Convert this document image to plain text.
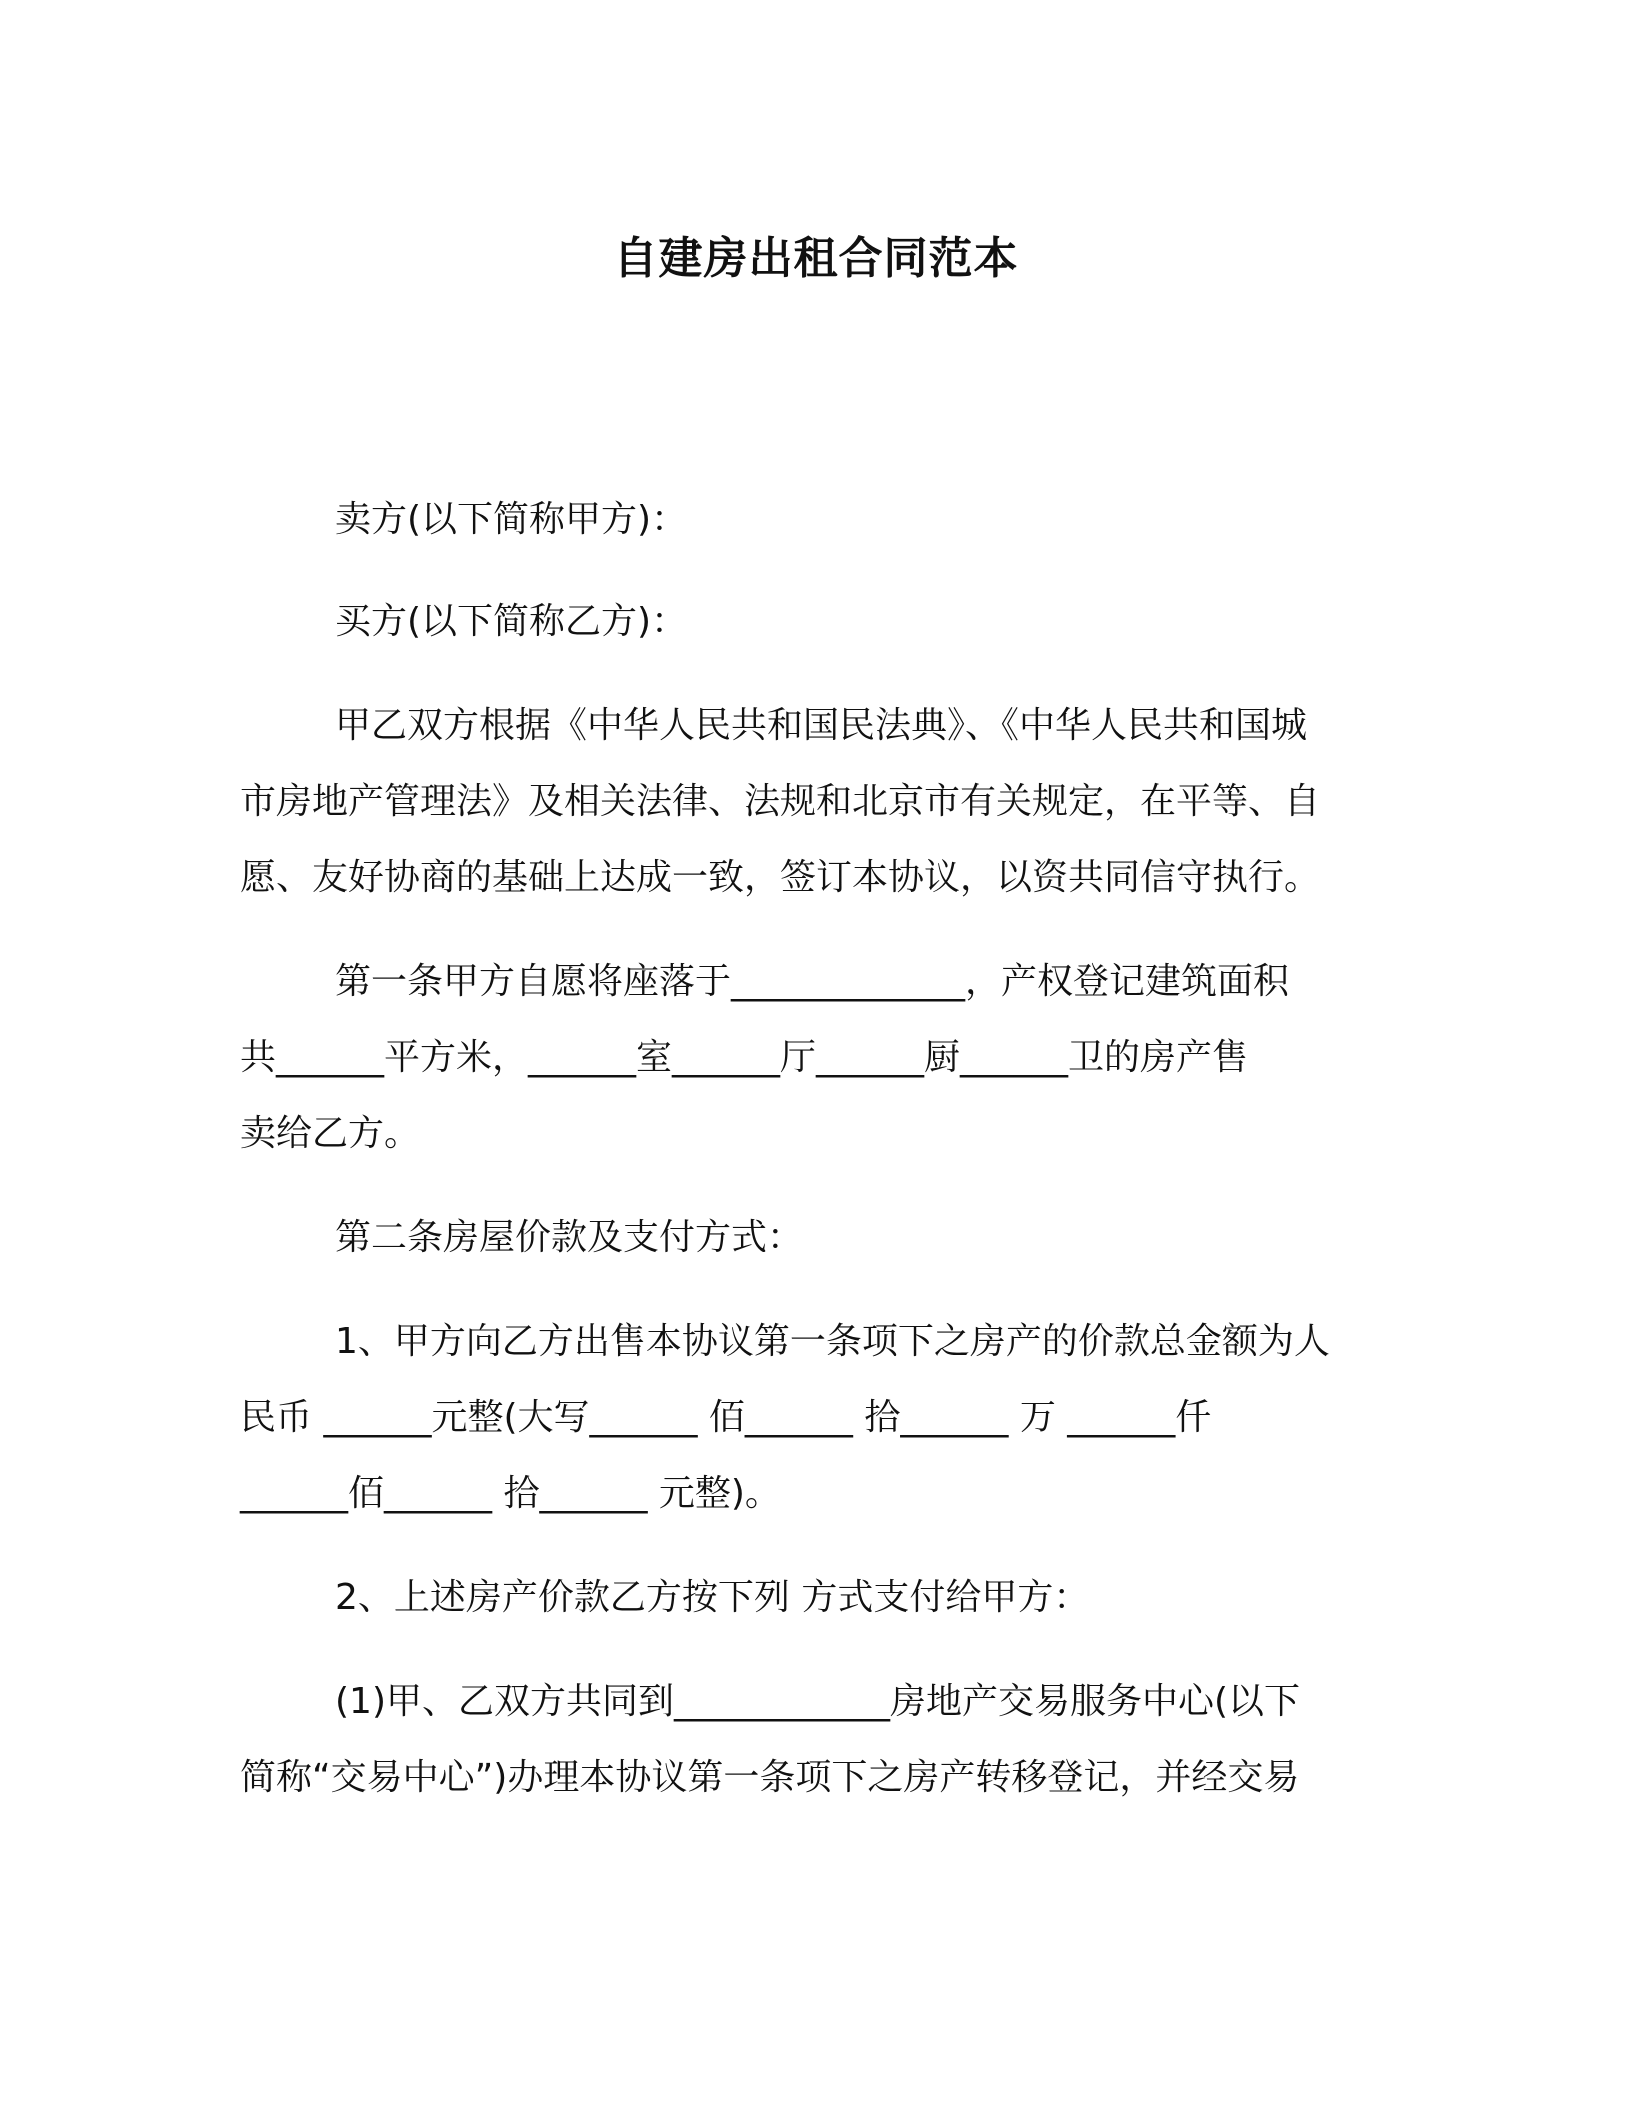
自建房出租合同范本

卖方(以下简称甲方)：

买方(以下简称乙方)：

甲乙双方根据《中华人民共和国民法典》、《中华人民共和国城

市房地产管理法》及相关法律、法规和北京市有关规定，在平等、自

愿、友好协商的基础上达成一致，签订本协议，以资共同信守执行。

第一条甲方自愿将座落于_____________，产权登记建筑面积

共______平方米，______室______厅______厨______卫的房产售

卖给乙方。

第二条房屋价款及支付方式：

1、甲方向乙方出售本协议第一条项下之房产的价款总金额为人

民币 ______元整(大写______ 佰______ 拾______ 万 ______仟

______佰______ 拾______ 元整)。

2、上述房产价款乙方按下列 方式支付给甲方：

(1)甲、乙双方共同到____________房地产交易服务中心(以下

简称“交易中心”)办理本协议第一条项下之房产转移登记，并经交易
